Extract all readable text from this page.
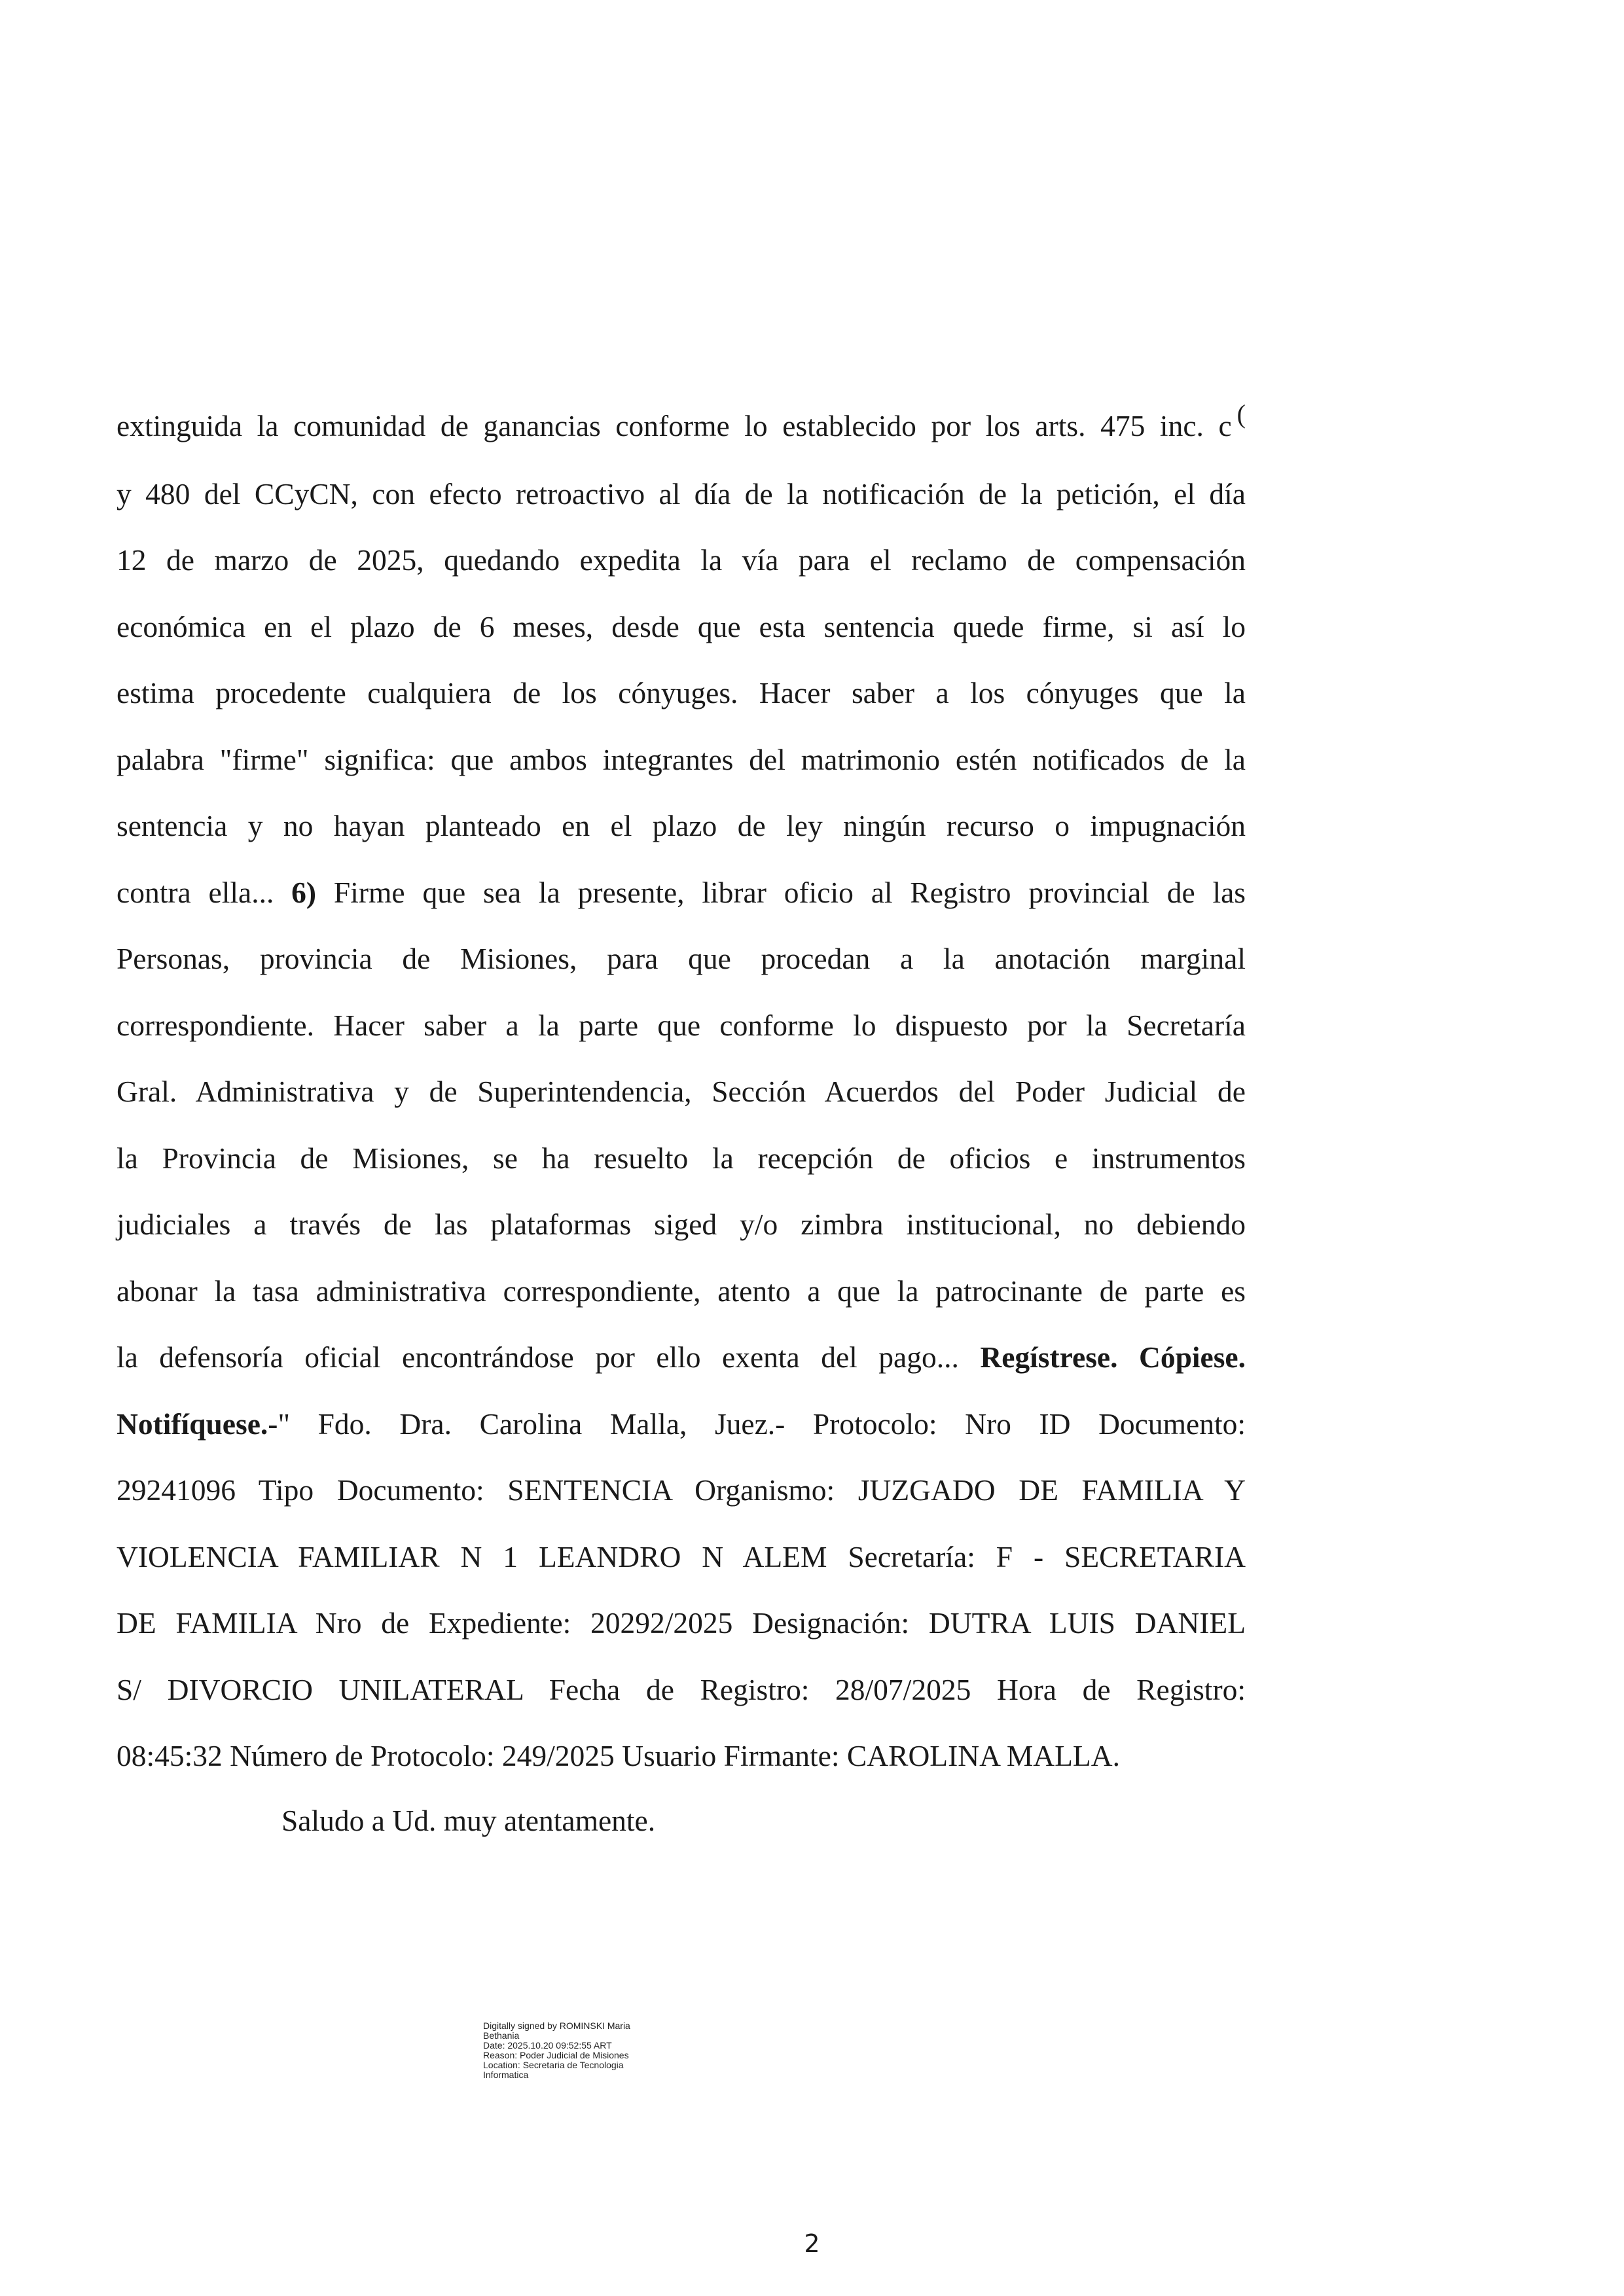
extinguida la comunidad de ganancias conforme lo establecido por los arts. 475 inc. c (
y 480 del CCyCN, con efecto retroactivo al día de la notificación de la petición, el día
12 de marzo de 2025, quedando expedita la vía para el reclamo de compensación
económica en el plazo de 6 meses, desde que esta sentencia quede firme, si así lo
estima procedente cualquiera de los cónyuges. Hacer saber a los cónyuges que la
palabra "firme" significa: que ambos integrantes del matrimonio estén notificados de la
sentencia y no hayan planteado en el plazo de ley ningún recurso o impugnación
contra ella... 6) Firme que sea la presente, librar oficio al Registro provincial de las
Personas, provincia de Misiones, para que procedan a la anotación marginal
correspondiente. Hacer saber a la parte que conforme lo dispuesto por la Secretaría
Gral. Administrativa y de Superintendencia, Sección Acuerdos del Poder Judicial de
la Provincia de Misiones, se ha resuelto la recepción de oficios e instrumentos
judiciales a través de las plataformas siged y/o zimbra institucional, no debiendo
abonar la tasa administrativa correspondiente, atento a que la patrocinante de parte es
la defensoría oficial encontrándose por ello exenta del pago... Regístrese. Cópiese.
Notifíquese.-" Fdo. Dra. Carolina Malla, Juez.- Protocolo: Nro ID Documento:
29241096 Tipo Documento: SENTENCIA Organismo: JUZGADO DE FAMILIA Y
VIOLENCIA FAMILIAR N 1 LEANDRO N ALEM Secretaría: F - SECRETARIA
DE FAMILIA Nro de Expediente: 20292/2025 Designación: DUTRA LUIS DANIEL
S/ DIVORCIO UNILATERAL Fecha de Registro: 28/07/2025 Hora de Registro:
08:45:32 Número de Protocolo: 249/2025 Usuario Firmante: CAROLINA MALLA.
Saludo a Ud. muy atentamente.
Digitally signed by ROMINSKI Maria
Bethania
Date: 2025.10.20 09:52:55 ART
Reason: Poder Judicial de Misiones
Location: Secretaria de Tecnologia
Informatica
2
